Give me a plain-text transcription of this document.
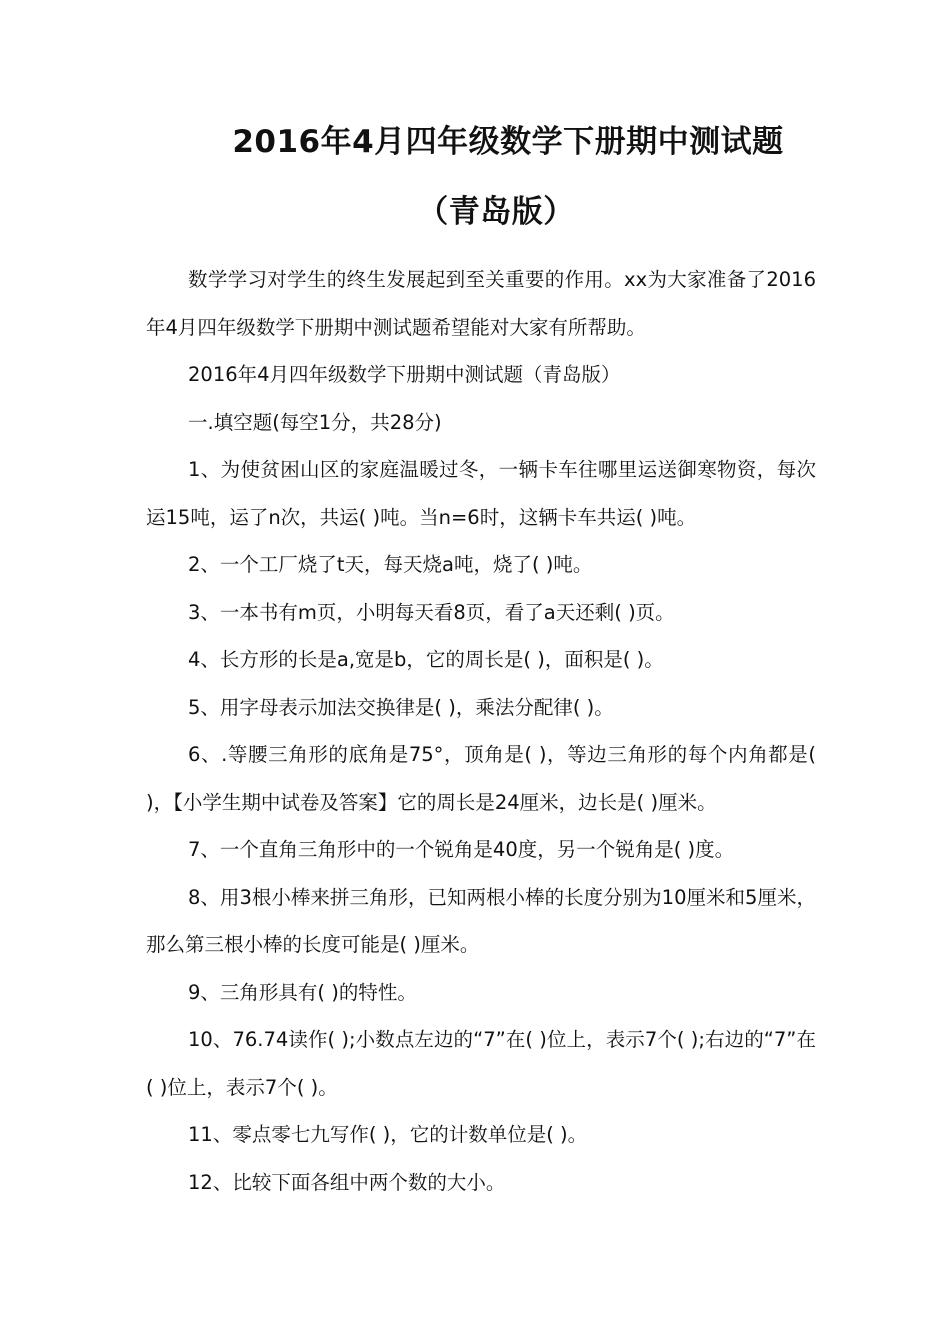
2016年4月四年级数学下册期中测试题
（青岛版）

数学学习对学生的终生发展起到至关重要的作用。xx为大家准备了2016年4月四年级数学下册期中测试题希望能对大家有所帮助。

2016年4月四年级数学下册期中测试题（青岛版）

一.填空题(每空1分，共28分)

1、为使贫困山区的家庭温暖过冬，一辆卡车往哪里运送御寒物资，每次运15吨，运了n次，共运( )吨。当n=6时，这辆卡车共运( )吨。

2、一个工厂烧了t天，每天烧a吨，烧了( )吨。

3、一本书有m页，小明每天看8页，看了a天还剩( )页。

4、长方形的长是a,宽是b，它的周长是( )，面积是( )。

5、用字母表示加法交换律是( )，乘法分配律( )。

6、.等腰三角形的底角是75°，顶角是( )，等边三角形的每个内角都是( )，【小学生期中试卷及答案】它的周长是24厘米，边长是( )厘米。

7、一个直角三角形中的一个锐角是40度，另一个锐角是( )度。

8、用3根小棒来拼三角形，已知两根小棒的长度分别为10厘米和5厘米，那么第三根小棒的长度可能是( )厘米。

9、三角形具有( )的特性。

10、76.74读作( );小数点左边的“7”在( )位上，表示7个( );右边的“7”在( )位上，表示7个( )。

11、零点零七九写作( )，它的计数单位是( )。

12、比较下面各组中两个数的大小。
